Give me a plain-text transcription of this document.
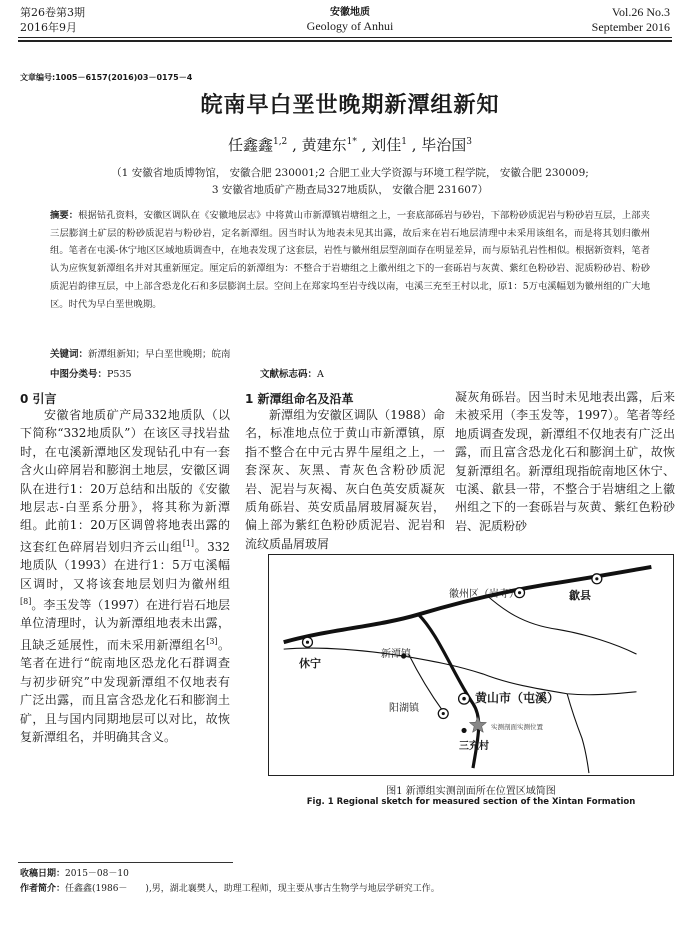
第26卷第3期
2016年9月
安徽地质
Geology of Anhui
Vol.26 No.3
September 2016
文章编号:1005－6157(2016)03－0175－4
皖南早白垩世晚期新潭组新知
任鑫鑫$^{1,2}$ , 黄建东$^{1*}$ , 刘佳$^1$ , 毕治国$^3$
（1 安徽省地质博物馆， 安徽合肥 230001;2 合肥工业大学资源与环境工程学院， 安徽合肥 230009;
3 安徽省地质矿产勘查局327地质队， 安徽合肥 231607）
摘要：根据钻孔资料，安徽区调队在《安徽地层志》中将黄山市新潭镇岩塘组之上，一套底部砾岩与砂岩，下部粉砂质泥岩与粉砂岩互层，上部夹三层膨润土矿层的粉砂质泥岩与粉砂岩，定名新潭组。因当时认为地表未见其出露，故后来在岩石地层清理中未采用该组名，而是将其划归徽州组。笔者在屯溪-休宁地区区域地质调查中，在地表发现了这套层，岩性与徽州组层型剖面存在明显差异，而与原钻孔岩性相似。根据新资料，笔者认为应恢复新潭组名并对其重新厘定。厘定后的新潭组为：不整合于岩塘组之上徽州组之下的一套砾岩与灰黄、紫红色粉砂岩、泥质粉砂岩、粉砂质泥岩韵律互层，中上部含恐龙化石和多层膨润土层。空间上在郑家坞至岩寺线以南，屯溪三充至王村以北，原1：5万屯溪幅划为徽州组的广大地区。时代为早白垩世晚期。
关键词：新潭组新知；早白垩世晚期；皖南
中图分类号：P535	文献标志码：A
0 引言
安徽省地质矿产局332地质队（以下简称“332地质队”）在该区寻找岩盐时，在屯溪新潭地区发现钻孔中有一套含火山碎屑岩和膨润土地层，安徽区调队在进行1：20万总结和出版的《安徽地层志-白垩系分册》，将其称为新潭组。此前1：20万区调曾将地表出露的这套红色碎屑岩划归齐云山组[1]。332地质队（1993）在进行1：5万屯溪幅区调时，又将该套地层划归为徽州组[8]。李玉发等（1997）在进行岩石地层单位清理时，认为新潭组地表未出露，且缺乏延展性，而未采用新潭组名[3]。笔者在进行“皖南地区恐龙化石群调查与初步研究”中发现新潭组不仅地表有广泛出露，而且富含恐龙化石和膨润土矿，且与国内同期地层可以对比，故恢复新潭组名，并明确其含义。
1 新潭组命名及沿革
新潭组为安徽区调队（1988）命名，标准地点位于黄山市新潭镇，原指不整合在中元古界牛屋组之上，一套深灰、灰黑、青灰色含粉砂质泥岩、泥岩与灰褐、灰白色英安质凝灰质角砾岩、英安质晶屑玻屑凝灰岩，偏上部为紫红色粉砂质泥岩、泥岩和流纹质晶屑玻屑
凝灰角砾岩。因当时未见地表出露，后来未被采用（李玉发等，1997）。笔者等经地质调查发现，新潭组不仅地表有广泛出露，而且富含恐龙化石和膨润土矿，故恢复新潭组名。新潭组现指皖南地区休宁、屯溪、歙县一带，不整合于岩塘组之上徽州组之下的一套砾岩与灰黄、紫红色粉砂岩、泥质粉砂
歙县
徽州区（岩寺）
休宁
新潭镇
阳湖镇
黄山市（屯溪）
三充村
实测剖面实测位置
图1 新潭组实测剖面所在位置区域简图
Fig. 1 Regional sketch for measured section of the Xintan Formation
收稿日期：2015－08－10
作者简介：任鑫鑫(1986－　　),男，湖北襄樊人，助理工程师，现主要从事古生物学与地层学研究工作。
